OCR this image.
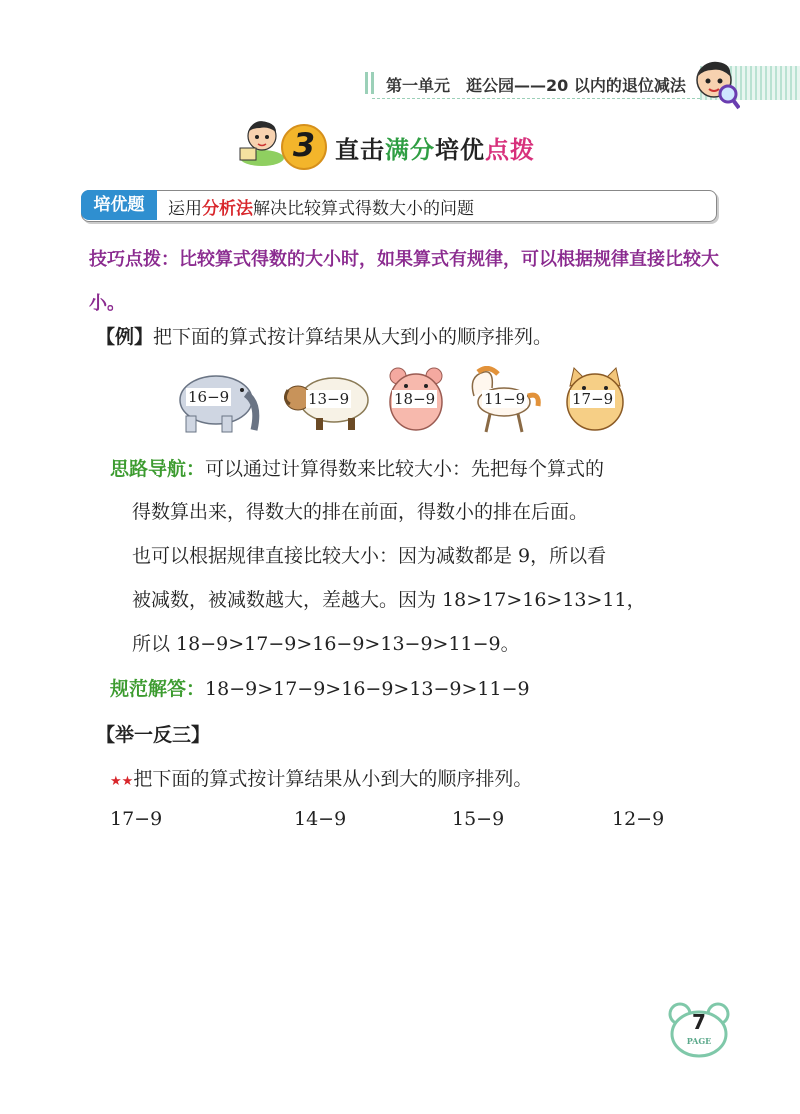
第一单元　逛公园——20 以内的退位减法
3 直击满分培优点拨
培优题	运用分析法解决比较算式得数大小的问题
技巧点拨：比较算式得数的大小时，如果算式有规律，可以根据规律直接比较大小。
【例】把下面的算式按计算结果从大到小的顺序排列。
16−9	13−9	18−9	11−9	17−9
思路导航：可以通过计算得数来比较大小：先把每个算式的
得数算出来，得数大的排在前面，得数小的排在后面。
也可以根据规律直接比较大小：因为减数都是 9，所以看
被减数，被减数越大，差越大。因为 18>17>16>13>11，
所以 18−9>17−9>16−9>13−9>11−9。
规范解答：18−9>17−9>16−9>13−9>11−9
【举一反三】
★★把下面的算式按计算结果从小到大的顺序排列。
17−9	14−9	15−9	12−9
7
PAGE
